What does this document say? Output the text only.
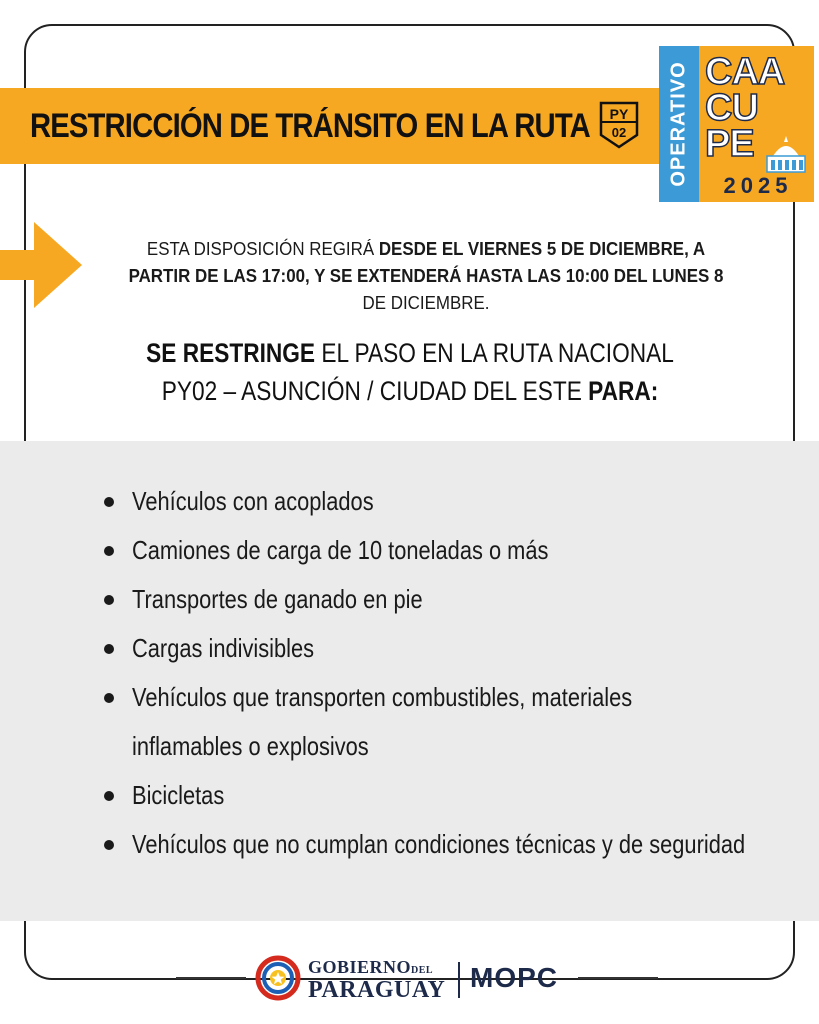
RESTRICCIÓN DE TRÁNSITO EN LA RUTA	PY
02	OPERATIVO CAA
CU
PE
2025

ESTA DISPOSICIÓN REGIRÁ DESDE EL VIERNES 5 DE DICIEMBRE, A PARTIR DE LAS 17:00, Y SE EXTENDERÁ HASTA LAS 10:00 DEL LUNES 8 DE DICIEMBRE.

SE RESTRINGE EL PASO EN LA RUTA NACIONAL PY02 – ASUNCIÓN / CIUDAD DEL ESTE PARA:

Vehículos con acoplados
Camiones de carga de 10 toneladas o más
Transportes de ganado en pie
Cargas indivisibles
Vehículos que transporten combustibles, materiales
inflamables o explosivos
Bicicletas
Vehículos que no cumplan condiciones técnicas y de seguridad
GOBIERNODEL
PARAGUAY MOPC
